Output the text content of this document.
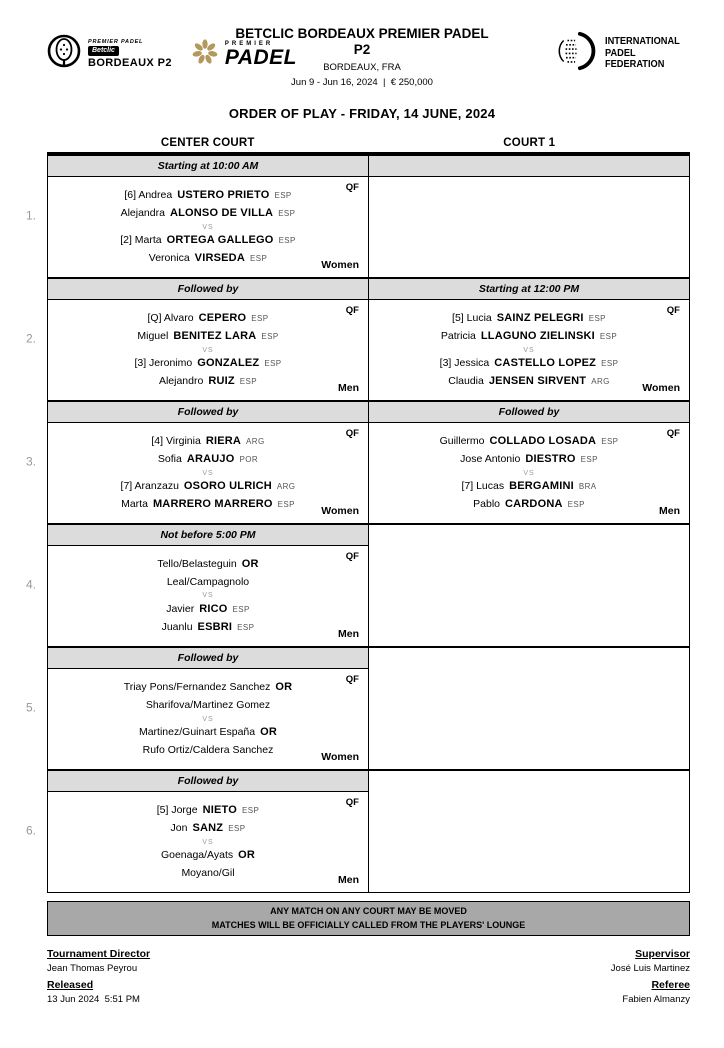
PREMIER PADEL
Betclic
BORDEAUX P2
PREMIER
PADEL
BETCLIC BORDEAUX PREMIER PADEL
P2
BORDEAUX, FRA
Jun 9 - Jun 16, 2024  |  € 250,000
INTERNATIONAL
PADEL
FEDERATION
ORDER OF PLAY - FRIDAY, 14 JUNE, 2024
CENTER COURT	COURT 1
1.
Starting at 10:00 AM
QF
[6] Andrea USTERO PRIETO ESP
Alejandra ALONSO DE VILLA ESP
VS
[2] Marta ORTEGA GALLEGO ESP
Veronica VIRSEDA ESP
Women
2.
Followed by
QF
[Q] Alvaro CEPERO ESP
Miguel BENITEZ LARA ESP
VS
[3] Jeronimo GONZALEZ ESP
Alejandro RUIZ ESP
Men
Starting at 12:00 PM
QF
[5] Lucia SAINZ PELEGRI ESP
Patricia LLAGUNO ZIELINSKI ESP
VS
[3] Jessica CASTELLO LOPEZ ESP
Claudia JENSEN SIRVENT ARG
Women
3.
Followed by
QF
[4] Virginia RIERA ARG
Sofia ARAUJO POR
VS
[7] Aranzazu OSORO ULRICH ARG
Marta MARRERO MARRERO ESP
Women
Followed by
QF
Guillermo COLLADO LOSADA ESP
Jose Antonio DIESTRO ESP
VS
[7] Lucas BERGAMINI BRA
Pablo CARDONA ESP
Men
4.
Not before 5:00 PM
QF
Tello/Belasteguin OR
Leal/Campagnolo
VS
Javier RICO ESP
Juanlu ESBRI ESP
Men
5.
Followed by
QF
Triay Pons/Fernandez Sanchez OR
Sharifova/Martinez Gomez
VS
Martinez/Guinart España OR
Rufo Ortiz/Caldera Sanchez
Women
6.
Followed by
QF
[5] Jorge NIETO ESP
Jon SANZ ESP
VS
Goenaga/Ayats OR
Moyano/Gil
Men
ANY MATCH ON ANY COURT MAY BE MOVED
MATCHES WILL BE OFFICIALLY CALLED FROM THE PLAYERS' LOUNGE
Tournament Director
Jean Thomas Peyrou
Released
13 Jun 2024  5:51 PM
Supervisor
José Luis Martinez
Referee
Fabien Almanzy
